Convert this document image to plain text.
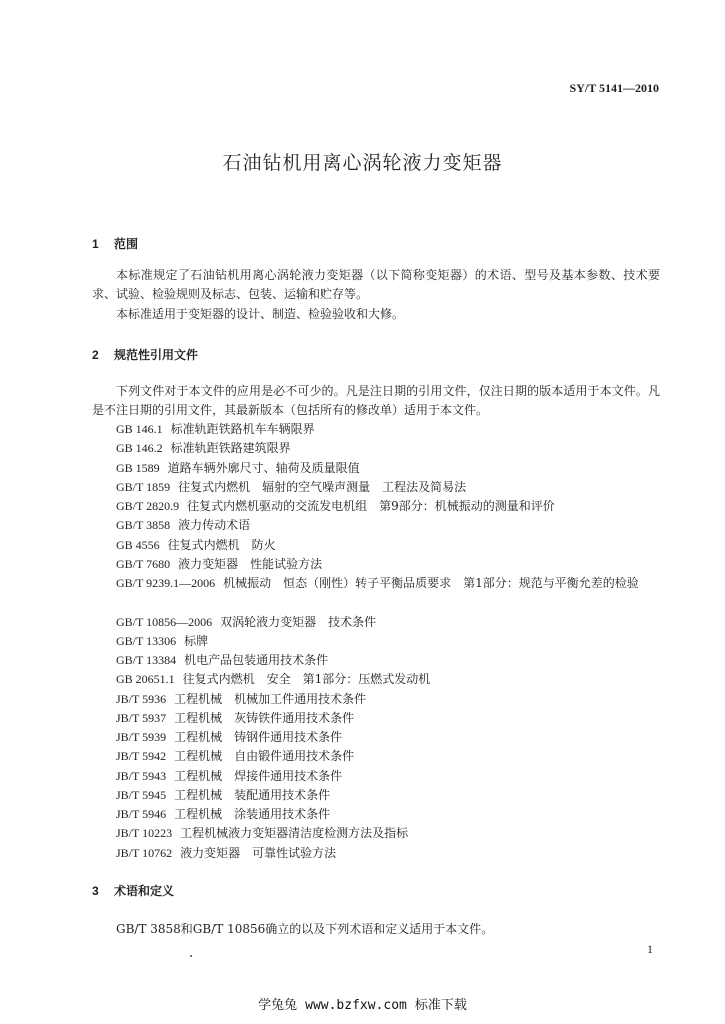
SY/T 5141—2010
石油钻机用离心涡轮液力变矩器
1 范围
本标准规定了石油钻机用离心涡轮液力变矩器（以下简称变矩器）的术语、型号及基本参数、技术要求、试验、检验规则及标志、包装、运输和贮存等。
本标准适用于变矩器的设计、制造、检验验收和大修。
2 规范性引用文件
下列文件对于本文件的应用是必不可少的。凡是注日期的引用文件，仅注日期的版本适用于本文件。凡是不注日期的引用文件，其最新版本（包括所有的修改单）适用于本文件。
GB 146.1 标准轨距铁路机车车辆限界
GB 146.2 标准轨距铁路建筑限界
GB 1589 道路车辆外廓尺寸、轴荷及质量限值
GB/T 1859 往复式内燃机　辐射的空气噪声测量　工程法及简易法
GB/T 2820.9 往复式内燃机驱动的交流发电机组　第9部分：机械振动的测量和评价
GB/T 3858 液力传动术语
GB 4556 往复式内燃机　防火
GB/T 7680 液力变矩器　性能试验方法
GB/T 9239.1—2006 机械振动　恒态（刚性）转子平衡品质要求　第1部分：规范与平衡允差的检验
GB/T 10856—2006 双涡轮液力变矩器　技术条件
GB/T 13306 标牌
GB/T 13384 机电产品包装通用技术条件
GB 20651.1 往复式内燃机　安全　第1部分：压燃式发动机
JB/T 5936 工程机械　机械加工件通用技术条件
JB/T 5937 工程机械　灰铸铁件通用技术条件
JB/T 5939 工程机械　铸钢件通用技术条件
JB/T 5942 工程机械　自由锻件通用技术条件
JB/T 5943 工程机械　焊接件通用技术条件
JB/T 5945 工程机械　装配通用技术条件
JB/T 5946 工程机械　涂装通用技术条件
JB/T 10223 工程机械液力变矩器清洁度检测方法及指标
JB/T 10762 液力变矩器　可靠性试验方法
3 术语和定义
GB/T 3858和GB/T 10856确立的以及下列术语和定义适用于本文件。
1
学兔兔 www.bzfxw.com 标准下载
